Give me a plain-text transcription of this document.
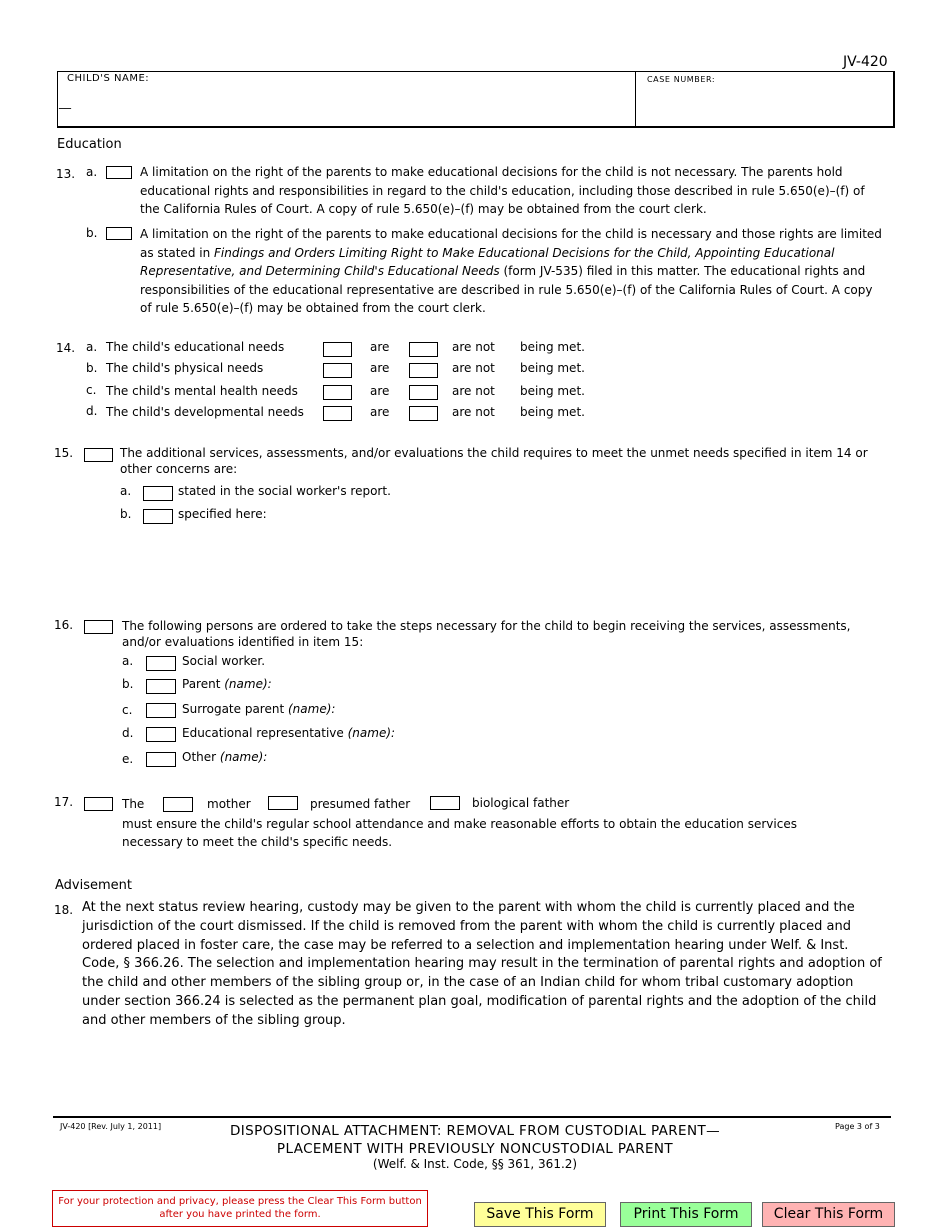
JV-420
CHILD'S NAME:
__
CASE NUMBER:
Education
13. a.	A limitation on the right of the parents to make educational decisions for the child is not necessary. The parents hold educational rights and responsibilities in regard to the child's education, including those described in rule 5.650(e)–(f) of the California Rules of Court. A copy of rule 5.650(e)–(f) may be obtained from the court clerk.
b.	A limitation on the right of the parents to make educational decisions for the child is necessary and those rights are limited as stated in Findings and Orders Limiting Right to Make Educational Decisions for the Child, Appointing Educational Representative, and Determining Child's Educational Needs (form JV-535) filed in this matter. The educational rights and responsibilities of the educational representative are described in rule 5.650(e)–(f) of the California Rules of Court. A copy of rule 5.650(e)–(f) may be obtained from the court clerk.
14. a. The child's educational needs	are	are not being met.
b. The child's physical needs	are	are not being met.
c. The child's mental health needs	are	are not being met.
d. The child's developmental needs	are	are not being met.
15.	The additional services, assessments, and/or evaluations the child requires to meet the unmet needs specified in item 14 or other concerns are:
a.	stated in the social worker's report.
b.	specified here:
16.	The following persons are ordered to take the steps necessary for the child to begin receiving the services, assessments, and/or evaluations identified in item 15:
a.	Social worker.
b.	Parent (name):
c.	Surrogate parent (name):
d.	Educational representative (name):
e.	Other (name):
17.	The	mother	presumed father	biological father
must ensure the child's regular school attendance and make reasonable efforts to obtain the education services necessary to meet the child's specific needs.
Advisement
18. At the next status review hearing, custody may be given to the parent with whom the child is currently placed and the jurisdiction of the court dismissed. If the child is removed from the parent with whom the child is currently placed and ordered placed in foster care, the case may be referred to a selection and implementation hearing under Welf. & Inst. Code, § 366.26. The selection and implementation hearing may result in the termination of parental rights and adoption of the child and other members of the sibling group or, in the case of an Indian child for whom tribal customary adoption under section 366.24 is selected as the permanent plan goal, modification of parental rights and the adoption of the child and other members of the sibling group.
JV-420 [Rev. July 1, 2011]	Page 3 of 3
DISPOSITIONAL ATTACHMENT: REMOVAL FROM CUSTODIAL PARENT—
PLACEMENT WITH PREVIOUSLY NONCUSTODIAL PARENT
(Welf. & Inst. Code, §§ 361, 361.2)
For your protection and privacy, please press the Clear This Form button after you have printed the form.	Save This Form	Print This Form	Clear This Form
